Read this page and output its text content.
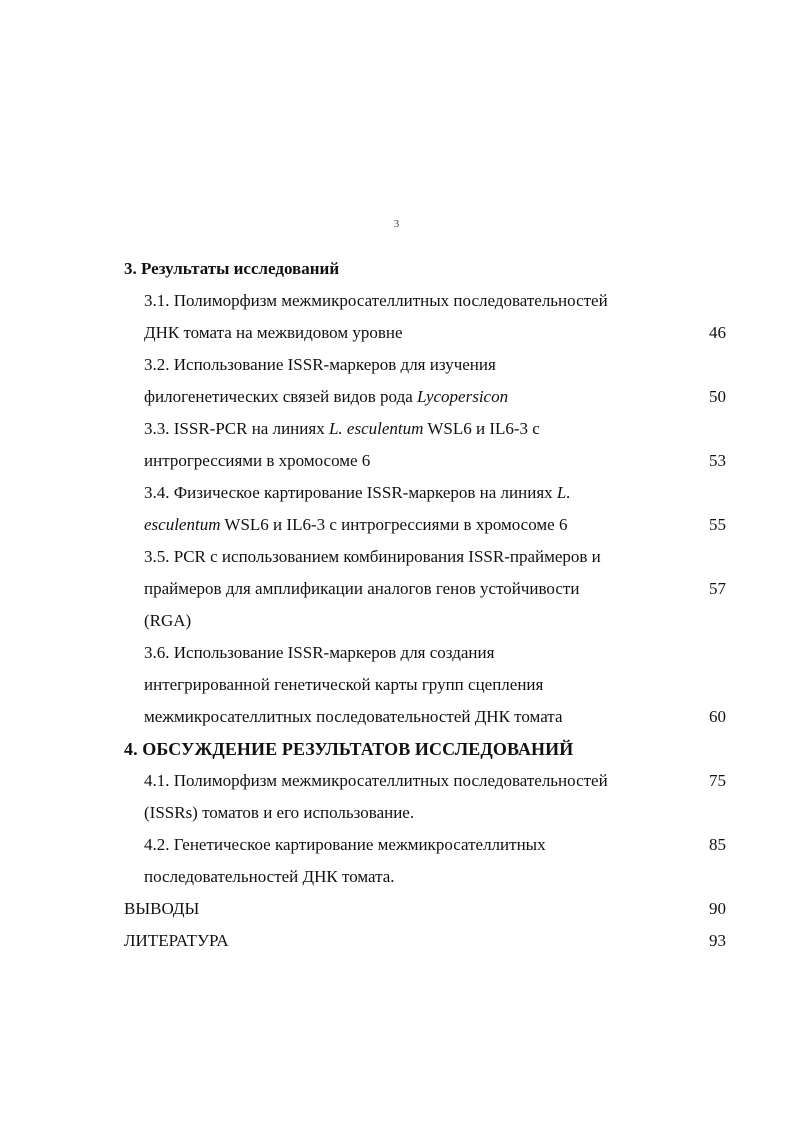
3
3. Результаты исследований
3.1. Полиморфизм межмикросателлитных последовательностей
ДНК томата на межвидовом уровне	46
3.2. Использование ISSR-маркеров для изучения
филогенетических связей видов рода Lycopersicon	50
3.3. ISSR-PCR на линиях L. esculentum WSL6 и IL6-3 с
интрогрессиями в хромосоме 6	53
3.4. Физическое картирование ISSR-маркеров на линиях L.
esculentum WSL6 и IL6-3 с интрогрессиями в хромосоме 6	55
3.5. PCR с использованием комбинирования ISSR-праймеров и
праймеров для амплификации аналогов генов устойчивости	57
(RGA)
3.6. Использование ISSR-маркеров для создания
интегрированной генетической карты групп сцепления
межмикросателлитных последовательностей ДНК томата	60
4. ОБСУЖДЕНИЕ РЕЗУЛЬТАТОВ ИССЛЕДОВАНИЙ
4.1. Полиморфизм межмикросателлитных последовательностей	75
(ISSRs) томатов и его использование.
4.2. Генетическое картирование межмикросателлитных	85
последовательностей ДНК томата.
ВЫВОДЫ	90
ЛИТЕРАТУРА	93
